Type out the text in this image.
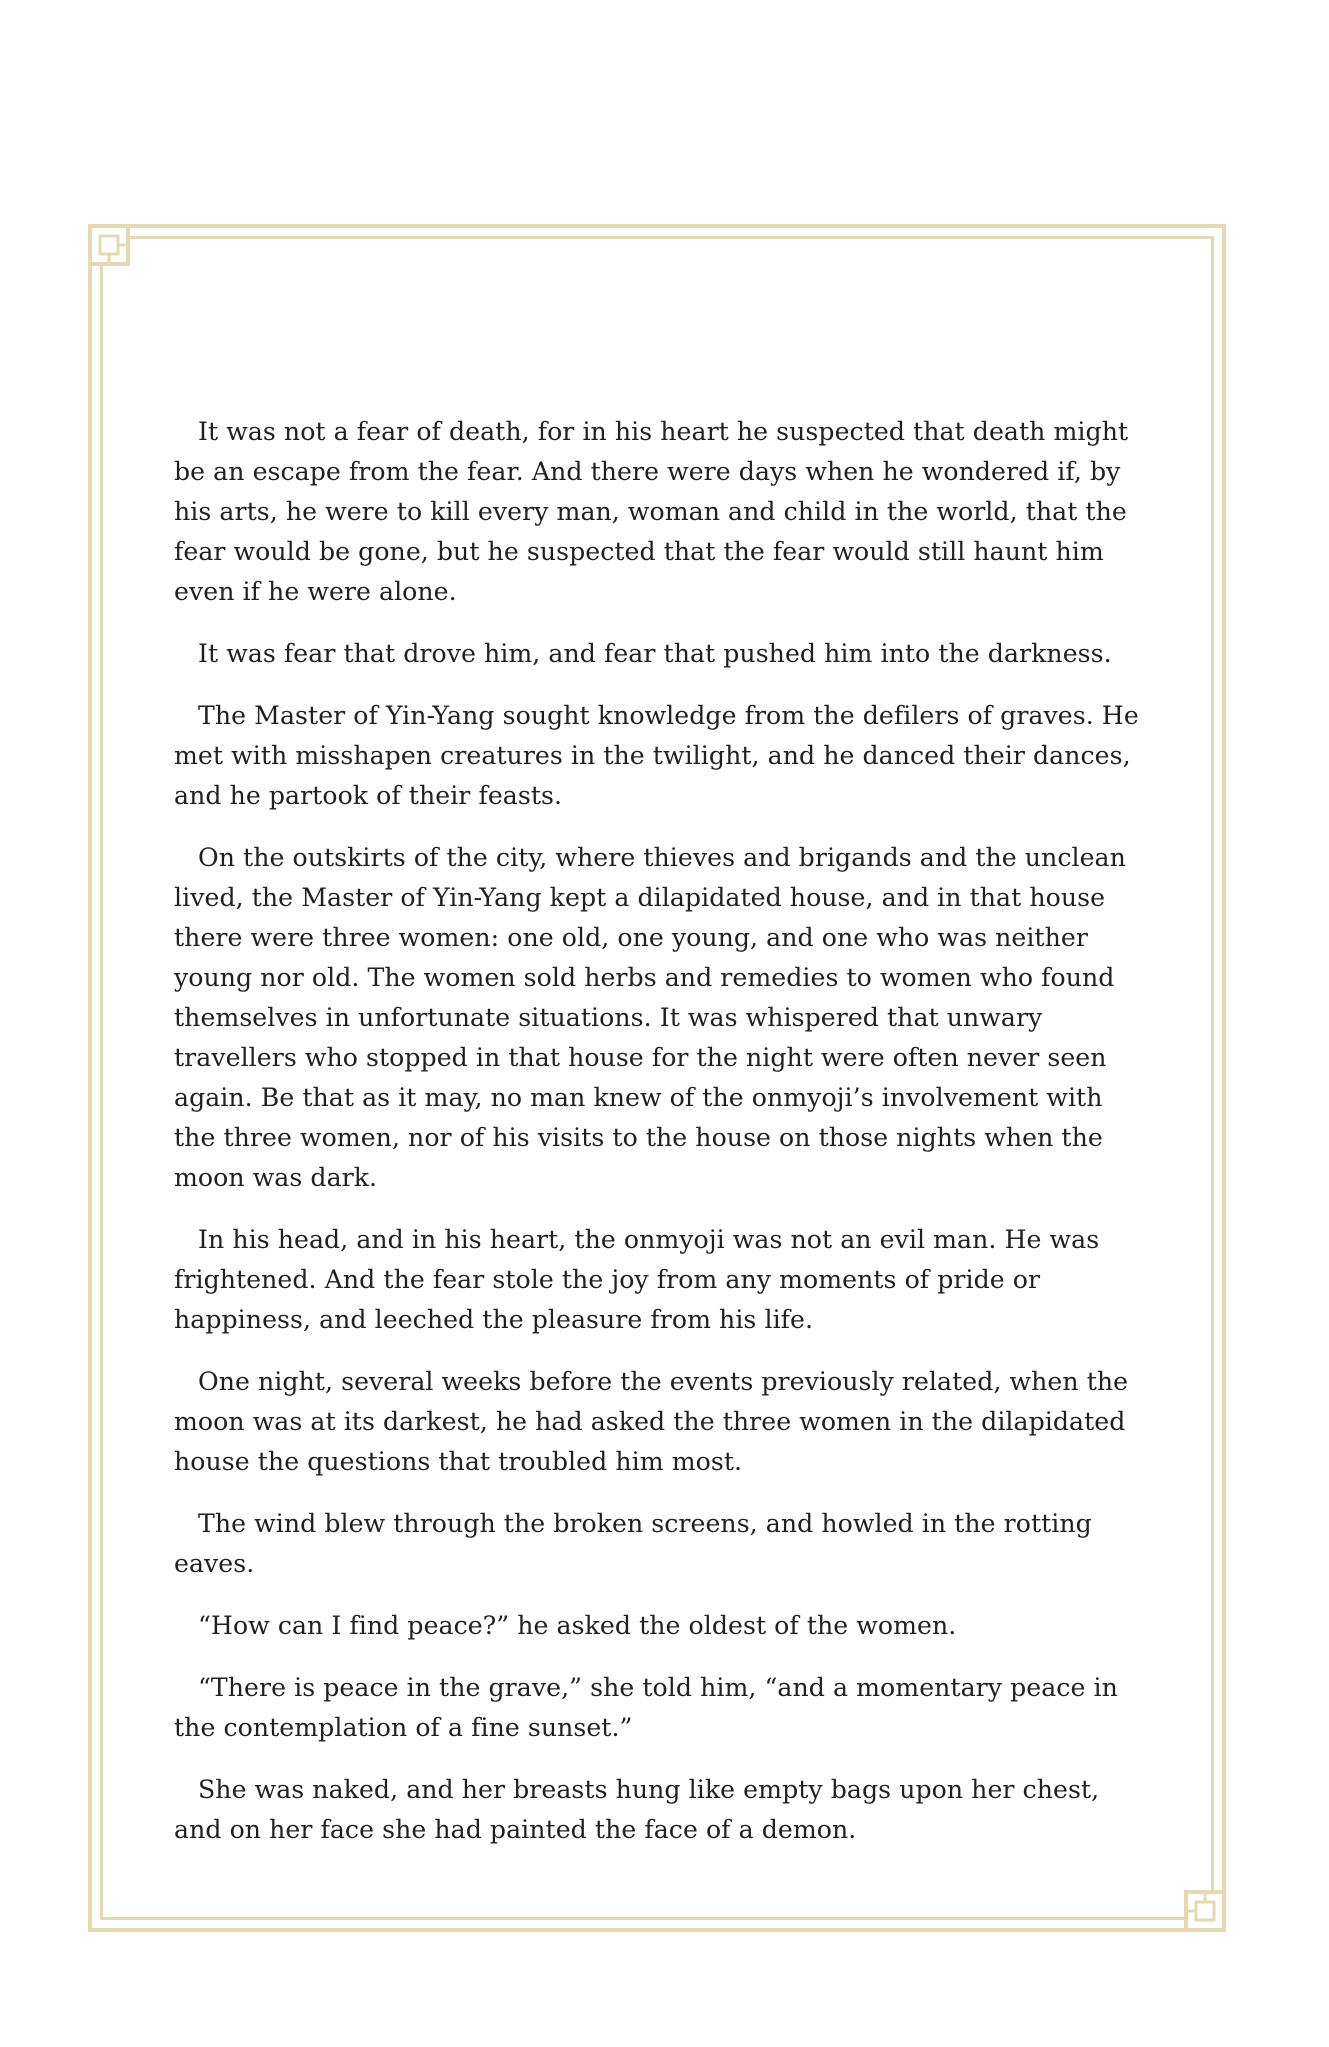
It was not a fear of death, for in his heart he suspected that death might be an escape from the fear. And there were days when he wondered if, by his arts, he were to kill every man, woman and child in the world, that the fear would be gone, but he suspected that the fear would still haunt him even if he were alone.

It was fear that drove him, and fear that pushed him into the darkness.

The Master of Yin-Yang sought knowledge from the defilers of graves. He met with misshapen creatures in the twilight, and he danced their dances, and he partook of their feasts.

On the outskirts of the city, where thieves and brigands and the unclean lived, the Master of Yin-Yang kept a dilapidated house, and in that house there were three women: one old, one young, and one who was neither young nor old. The women sold herbs and remedies to women who found themselves in unfortunate situations. It was whispered that unwary travellers who stopped in that house for the night were often never seen again. Be that as it may, no man knew of the onmyoji’s involvement with the three women, nor of his visits to the house on those nights when the moon was dark.

In his head, and in his heart, the onmyoji was not an evil man. He was frightened. And the fear stole the joy from any moments of pride or happiness, and leeched the pleasure from his life.

One night, several weeks before the events previously related, when the moon was at its darkest, he had asked the three women in the dilapidated house the questions that troubled him most.

The wind blew through the broken screens, and howled in the rotting eaves.

“How can I find peace?” he asked the oldest of the women.

“There is peace in the grave,” she told him, “and a momentary peace in the contemplation of a fine sunset.”

She was naked, and her breasts hung like empty bags upon her chest, and on her face she had painted the face of a demon.
